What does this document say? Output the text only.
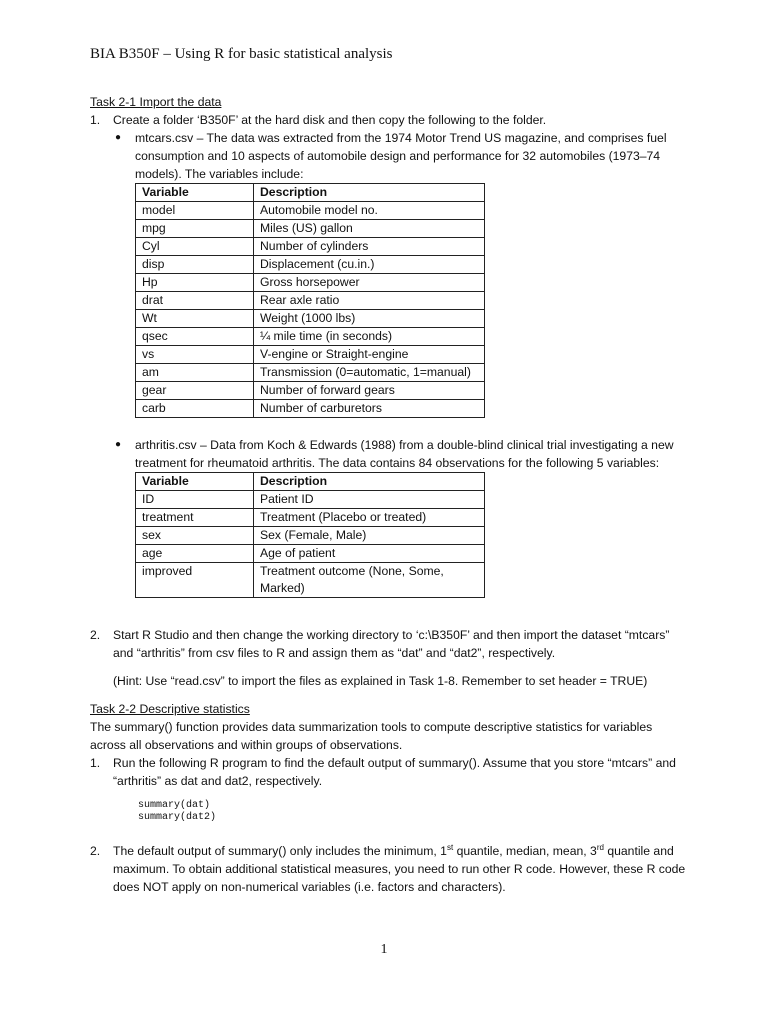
BIA B350F – Using R for basic statistical analysis
Task 2-1 Import the data
1. Create a folder ‘B350F’ at the hard disk and then copy the following to the folder.
● mtcars.csv – The data was extracted from the 1974 Motor Trend US magazine, and comprises fuel consumption and 10 aspects of automobile design and performance for 32 automobiles (1973–74 models). The variables include:
Variable	Description
model	Automobile model no.
mpg	Miles (US) gallon
Cyl	Number of cylinders
disp	Displacement (cu.in.)
Hp	Gross horsepower
drat	Rear axle ratio
Wt	Weight (1000 lbs)
qsec	¼ mile time (in seconds)
vs	V-engine or Straight-engine
am	Transmission (0=automatic, 1=manual)
gear	Number of forward gears
carb	Number of carburetors
● arthritis.csv – Data from Koch & Edwards (1988) from a double-blind clinical trial investigating a new treatment for rheumatoid arthritis. The data contains 84 observations for the following 5 variables:
Variable	Description
ID	Patient ID
treatment	Treatment (Placebo or treated)
sex	Sex (Female, Male)
age	Age of patient
improved	Treatment outcome (None, Some, Marked)
2. Start R Studio and then change the working directory to ‘c:\B350F’ and then import the dataset “mtcars” and “arthritis” from csv files to R and assign them as “dat” and “dat2”, respectively.
(Hint: Use “read.csv” to import the files as explained in Task 1-8. Remember to set header = TRUE)
Task 2-2 Descriptive statistics
The summary() function provides data summarization tools to compute descriptive statistics for variables across all observations and within groups of observations.
1. Run the following R program to find the default output of summary(). Assume that you store “mtcars” and “arthritis” as dat and dat2, respectively.
summary(dat)
summary(dat2)
2. The default output of summary() only includes the minimum, 1st quantile, median, mean, 3rd quantile and maximum. To obtain additional statistical measures, you need to run other R code. However, these R code does NOT apply on non-numerical variables (i.e. factors and characters).
1
